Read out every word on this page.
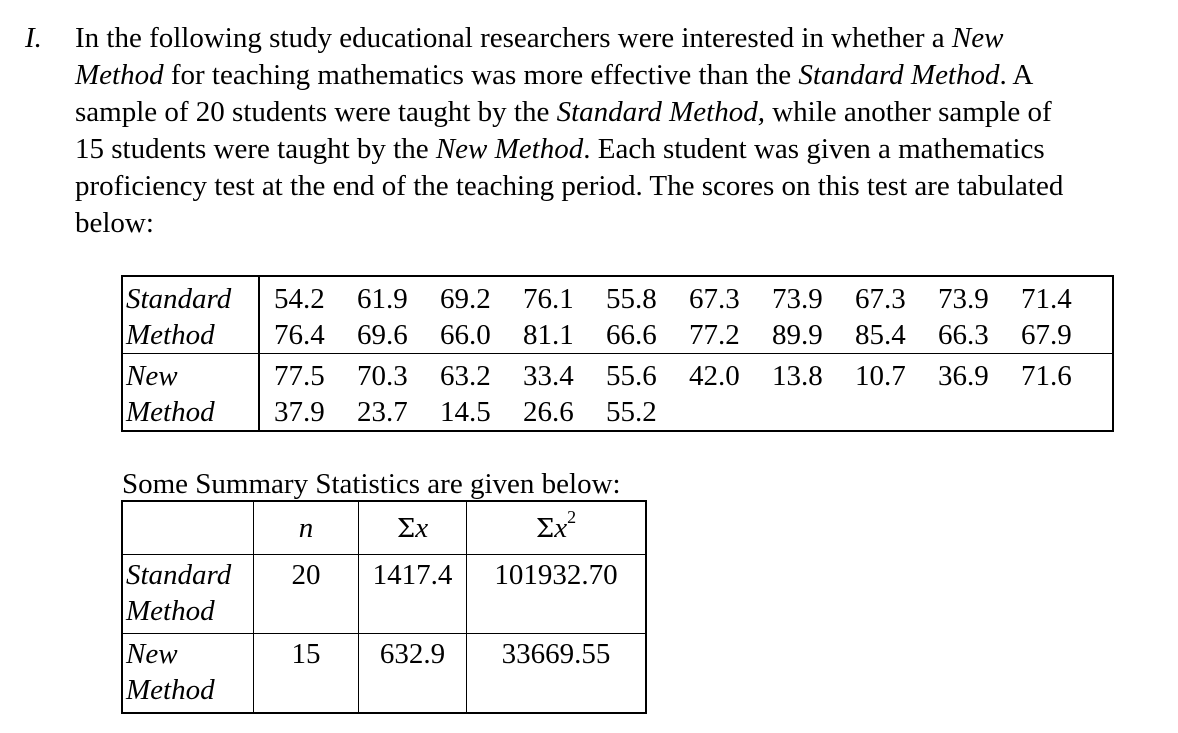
I. In the following study educational researchers were interested in whether a New
Method for teaching mathematics was more effective than the Standard Method. A
sample of 20 students were taught by the Standard Method, while another sample of
15 students were taught by the New Method. Each student was given a mathematics
proficiency test at the end of the teaching period. The scores on this test are tabulated
below:

Standard
Method	54.2 61.9 69.2 76.1 55.8 67.3 73.9 67.3 73.9 71.4
76.4 69.6 66.0 81.1 66.6 77.2 89.9 85.4 66.3 67.9

New
Method	77.5 70.3 63.2 33.4 55.6 42.0 13.8 10.7 36.9 71.6
37.9 23.7 14.5 26.6 55.2
Some Summary Statistics are given below:
	n	Σx	$\Sigma x^2$

Standard
Method	20	1417.4	101932.70

New
Method	15	632.9	33669.55
